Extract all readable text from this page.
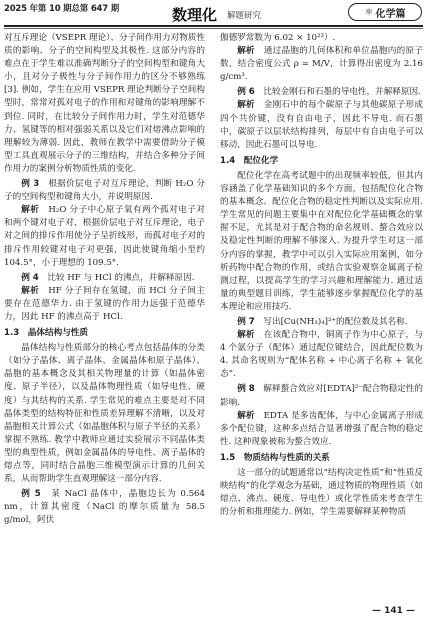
2025 年第 10 期总第 647 期	数理化 解题研究	⚛ 化学篇

对互斥理论（VSEPR 理论）、分子间作用力对物质性质的影响、分子的空间构型及其极性. 这部分内容的难点在于学生难以准确判断分子的空间构型和键角大小，且对分子极性与分子间作用力的区分不够熟练[3]. 例如，学生在应用 VSEPR 理论判断分子空间构型时，常常对孤对电子的作用和对键角的影响理解不到位. 同时，在比较分子间作用力时，学生对范德华力、氢键等的相对强弱关系以及它们对熔沸点影响的理解较为薄弱. 因此，教师在教学中需要借助分子模型工具直观展示分子的三维结构，并结合多种分子间作用力的案例分析物质性质的变化.

例 3　 根据价层电子对互斥理论，判断 H₂O 分子的空间构型和键角大小，并说明原因.

解析　 H₂O 分子中心原子氧有两个孤对电子对和两个键对电子对，根据价层电子对互斥理论，电子对之间的排斥作用使分子呈折线形，而孤对电子对的排斥作用较键对电子对更强，因此使键角缩小至约 104.5°，小于理想的 109.5°.

例 4　 比较 HF 与 HCl 的沸点，并解释原因.

解析　 HF 分子间存在氢键，而 HCl 分子间主要存在范德华力. 由于氢键的作用力远强于范德华力，因此 HF 的沸点高于 HCl.

1.3　晶体结构与性质

晶体结构与性质部分的核心考点包括晶体的分类（如分子晶体、离子晶体、金属晶体和原子晶体）、晶胞的基本概念及其相关物理量的计算（如晶体密度、原子半径），以及晶体物理性质（如导电性、硬度）与其结构的关系. 学生常见的难点主要是对不同晶体类型的结构特征和性质差异理解不清晰，以及对晶胞相关计算公式（如晶胞体积与原子半径的关系）掌握不熟练. 教学中教师应通过实验展示不同晶体类型的典型性质，例如金属晶体的导电性、离子晶体的熔点等，同时结合晶胞三维模型演示计算的几何关系，从而帮助学生直观理解这一部分内容.

例 5　 某 NaCl 晶体中，晶胞边长为 0.564 nm，计算其密度（NaCl 的摩尔质量为 58.5 g/mol，阿伏

伽德罗常数为 6.02 × 10²³）.

解析　 通过晶胞的几何体积和单位晶胞内的原子数，结合密度公式 ρ = M/V，计算得出密度为 2.16 g/cm³.

例 6　 比较金刚石和石墨的导电性，并解释原因.

解析　 金刚石中的每个碳原子与其他碳原子形成四个共价键，没有自由电子，因此不导电. 而石墨中，碳原子以层状结构排列，每层中有自由电子可以移动，因此石墨可以导电.

1.4　配位化学

配位化学在高考试题中的出现频率较低，但其内容涵盖了化学基础知识的多个方面，包括配位化合物的基本概念、配位化合物的稳定性判断以及实际应用. 学生常见的问题主要集中在对配位化学基础概念的掌握不足，尤其是对于配合物的命名规则、螯合效应以及稳定性判断的理解不够深入. 为提升学生对这一部分内容的掌握，教学中可以引入实际应用案例，如分析药物中配合物的作用，或结合实验观察金属离子检测过程，以提高学生的学习兴趣和理解能力. 通过适量的典型题目训练，学生能够逐步掌握配位化学的基本理论和应用技巧.

例 7　 写出[Cu(NH₃)₄]²⁺的配位数及其名称.

解析　 在该配合物中，铜离子作为中心原子，与 4 个氨分子（配体）通过配位键结合，因此配位数为 4. 其命名规则为“配体名称 + 中心离子名称 + 氧化态”.

例 8　 解释螯合效应对[EDTA]²⁻配合物稳定性的影响.

解析　 EDTA 是多齿配体，与中心金属离子形成多个配位键，这种多点结合显著增强了配合物的稳定性. 这种现象被称为螯合效应.

1.5　物质结构与性质的关系

这一部分的试题通常以“结构决定性质”和“性质反映结构”的化学观念为基础，通过物质的物理性质（如熔点、沸点、硬度、导电性）或化学性质来考查学生的分析和推理能力. 例如，学生需要解释某种物质

— 141 —
